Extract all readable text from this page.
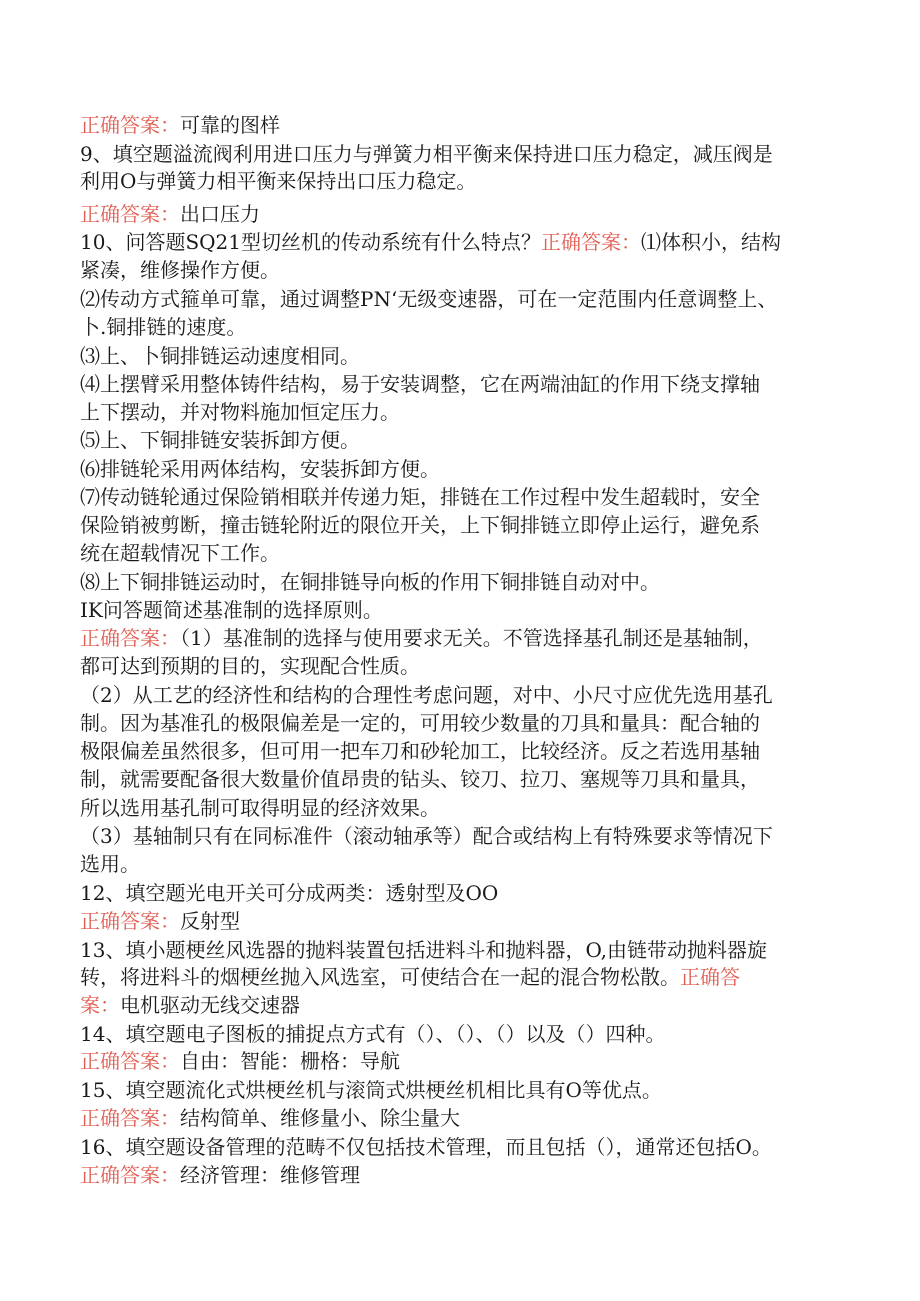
正确答案：可靠的图样
9、填空题溢流阀利用进口压力与弹簧力相平衡来保持进口压力稳定，减压阀是
利用O与弹簧力相平衡来保持出口压力稳定。
正确答案：出口压力
10、问答题SQ21型切丝机的传动系统有什么特点？正确答案：⑴体积小，结构
紧凑，维修操作方便。
⑵传动方式箍单可靠，通过调整PN‘无级变速器，可在一定范围内任意调整上、
卜.铜排链的速度。
⑶上、卜铜排链运动速度相同。
⑷上摆臂采用整体铸件结构，易于安装调整，它在两端油缸的作用下绕支撑轴
上下摆动，并对物料施加恒定压力。
⑸上、下铜排链安装拆卸方便。
⑹排链轮采用两体结构，安装拆卸方便。
⑺传动链轮通过保险销相联并传递力矩，排链在工作过程中发生超载时，安全
保险销被剪断，撞击链轮附近的限位开关，上下铜排链立即停止运行，避免系
统在超载情况下工作。
⑻上下铜排链运动时，在铜排链导向板的作用下铜排链自动对中。
IK问答题简述基准制的选择原则。
正确答案：（1）基准制的选择与使用要求无关。不管选择基孔制还是基轴制，
都可达到预期的目的，实现配合性质。
（2）从工艺的经济性和结构的合理性考虑问题，对中、小尺寸应优先选用基孔
制。因为基准孔的极限偏差是一定的，可用较少数量的刀具和量具：配合轴的
极限偏差虽然很多，但可用一把车刀和砂轮加工，比较经济。反之若选用基轴
制，就需要配备很大数量价值昂贵的钻头、铰刀、拉刀、塞规等刀具和量具，
所以选用基孔制可取得明显的经济效果。
（3）基轴制只有在同标准件（滚动轴承等）配合或结构上有特殊要求等情况下
选用。
12、填空题光电开关可分成两类：透射型及OO
正确答案：反射型
13、填小题梗丝风选器的抛料装置包括进料斗和抛料器，O,由链带动抛料器旋
转，将进料斗的烟梗丝抛入风选室，可使结合在一起的混合物松散。正确答
案：电机驱动无线交速器
14、填空题电子图板的捕捉点方式有（）、（）、（）以及（）四种。
正确答案：自由：智能：栅格：导航
15、填空题流化式烘梗丝机与滚筒式烘梗丝机相比具有O等优点。
正确答案：结构简单、维修量小、除尘量大
16、填空题设备管理的范畴不仅包括技术管理，而且包括（），通常还包括O。
正确答案：经济管理：维修管理
